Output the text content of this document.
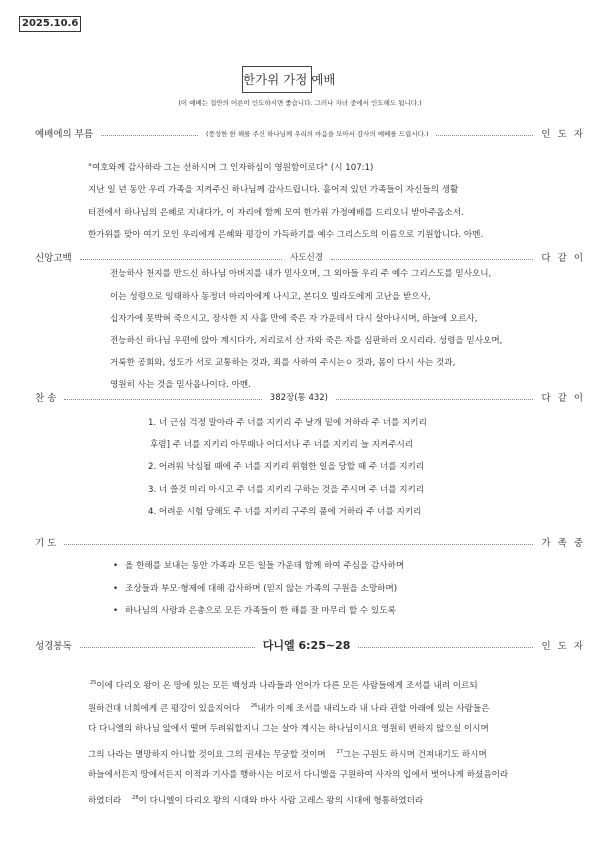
2025.10.6
한가위 가정 예배
(이 예배는 집안의 어른이 인도하시면 좋습니다. 그러나 자녀 중에서 인도해도 됩니다.)
예배에의 부름	(풍성한 한 해를 주신 하나님께 우리의 마음을 모아서 감사의 예배를 드립시다.)	인 도 자
"여호와께 감사하라 그는 선하시며 그 인자하심이 영원함이로다" (시 107:1)
지난 일 년 동안 우리 가족을 지켜주신 하나님께 감사드립니다. 흩어져 있던 가족들이 자신들의 생활
터전에서 하나님의 은혜로 지내다가, 이 자리에 함께 모여 한가위 가정예배를 드리오니 받아주옵소서.
한가위를 맞아 여기 모인 우리에게 은혜와 평강이 가득하기를 예수 그리스도의 이름으로 기원합니다. 아멘.
신앙고백	사도신경	다 같 이
전능하사 천지를 만드신 하나님 아버지를 내가 믿사오며, 그 외아들 우리 주 예수 그리스도를 믿사오니,
이는 성령으로 잉태하사 동정녀 마리아에게 나시고, 본디오 빌라도에게 고난을 받으사,
십자가에 못박혀 죽으시고, 장사한 지 사흘 만에 죽은 자 가운데서 다시 살아나시며, 하늘에 오르사,
전능하신 하나님 우편에 앉아 계시다가, 저리로서 산 자와 죽은 자를 심판하러 오시리라. 성령을 믿사오며,
거룩한 공회와, 성도가 서로 교통하는 것과, 죄를 사하여 주시는ㅇ 것과, 몸이 다시 사는 것과,
영원히 사는 것을 믿사옵나이다. 아멘.
찬 송	382장(통 432)	다 같 이
1. 너 근심 걱정 말아라 주 너를 지키리 주 날개 밑에 거하라 주 너를 지키리
후렴] 주 너를 지키리 아무때나 어디서나 주 너를 지키리 늘 지켜주시리
2. 어려워 낙심될 때에 주 너를 지키리 위험한 일을 당할 때 주 너를 지키리
3. 너 쓸것 미리 아시고 주 너를 지키리 구하는 것을 주시며 주 너를 지키리
4. 어려운 시험 당해도 주 너를 지키리 구주의 품에 거하라 주 너를 지키리
기 도	가 족 중
• 올 한해를 보내는 동안 가족과 모든 일들 가운데 함께 하여 주심을 감사하며
• 조상들과 부모·형제에 대해 감사하며 (믿지 않는 가족의 구원을 소망하며)
• 하나님의 사랑과 은총으로 모든 가족들이 한 해를 잘 마무리 할 수 있도록
성경봉독	다니엘 6:25~28	인 도 자
$^{25}$이에 다리오 왕이 온 땅에 있는 모든 백성과 나라들과 언어가 다른 모든 사람들에게 조서를 내려 이르되
원하건대 너희에게 큰 평강이 있을지어다 $^{26}$내가 이제 조서를 내리노라 내 나라 관할 아래에 있는 사람들은
다 다니엘의 하나님 앞에서 떨며 두려워할지니 그는 살아 계시는 하나님이시요 영원히 변하지 않으실 이시며
그의 나라는 멸망하지 아니할 것이요 그의 권세는 무궁할 것이며 $^{27}$그는 구원도 하시며 건져내기도 하시며
하늘에서든지 땅에서든지 이적과 기사를 행하시는 이로서 다니엘을 구원하여 사자의 입에서 벗어나게 하셨음이라
하였더라 $^{28}$이 다니엘이 다리오 왕의 시대와 바사 사람 고레스 왕의 시대에 형통하였더라
